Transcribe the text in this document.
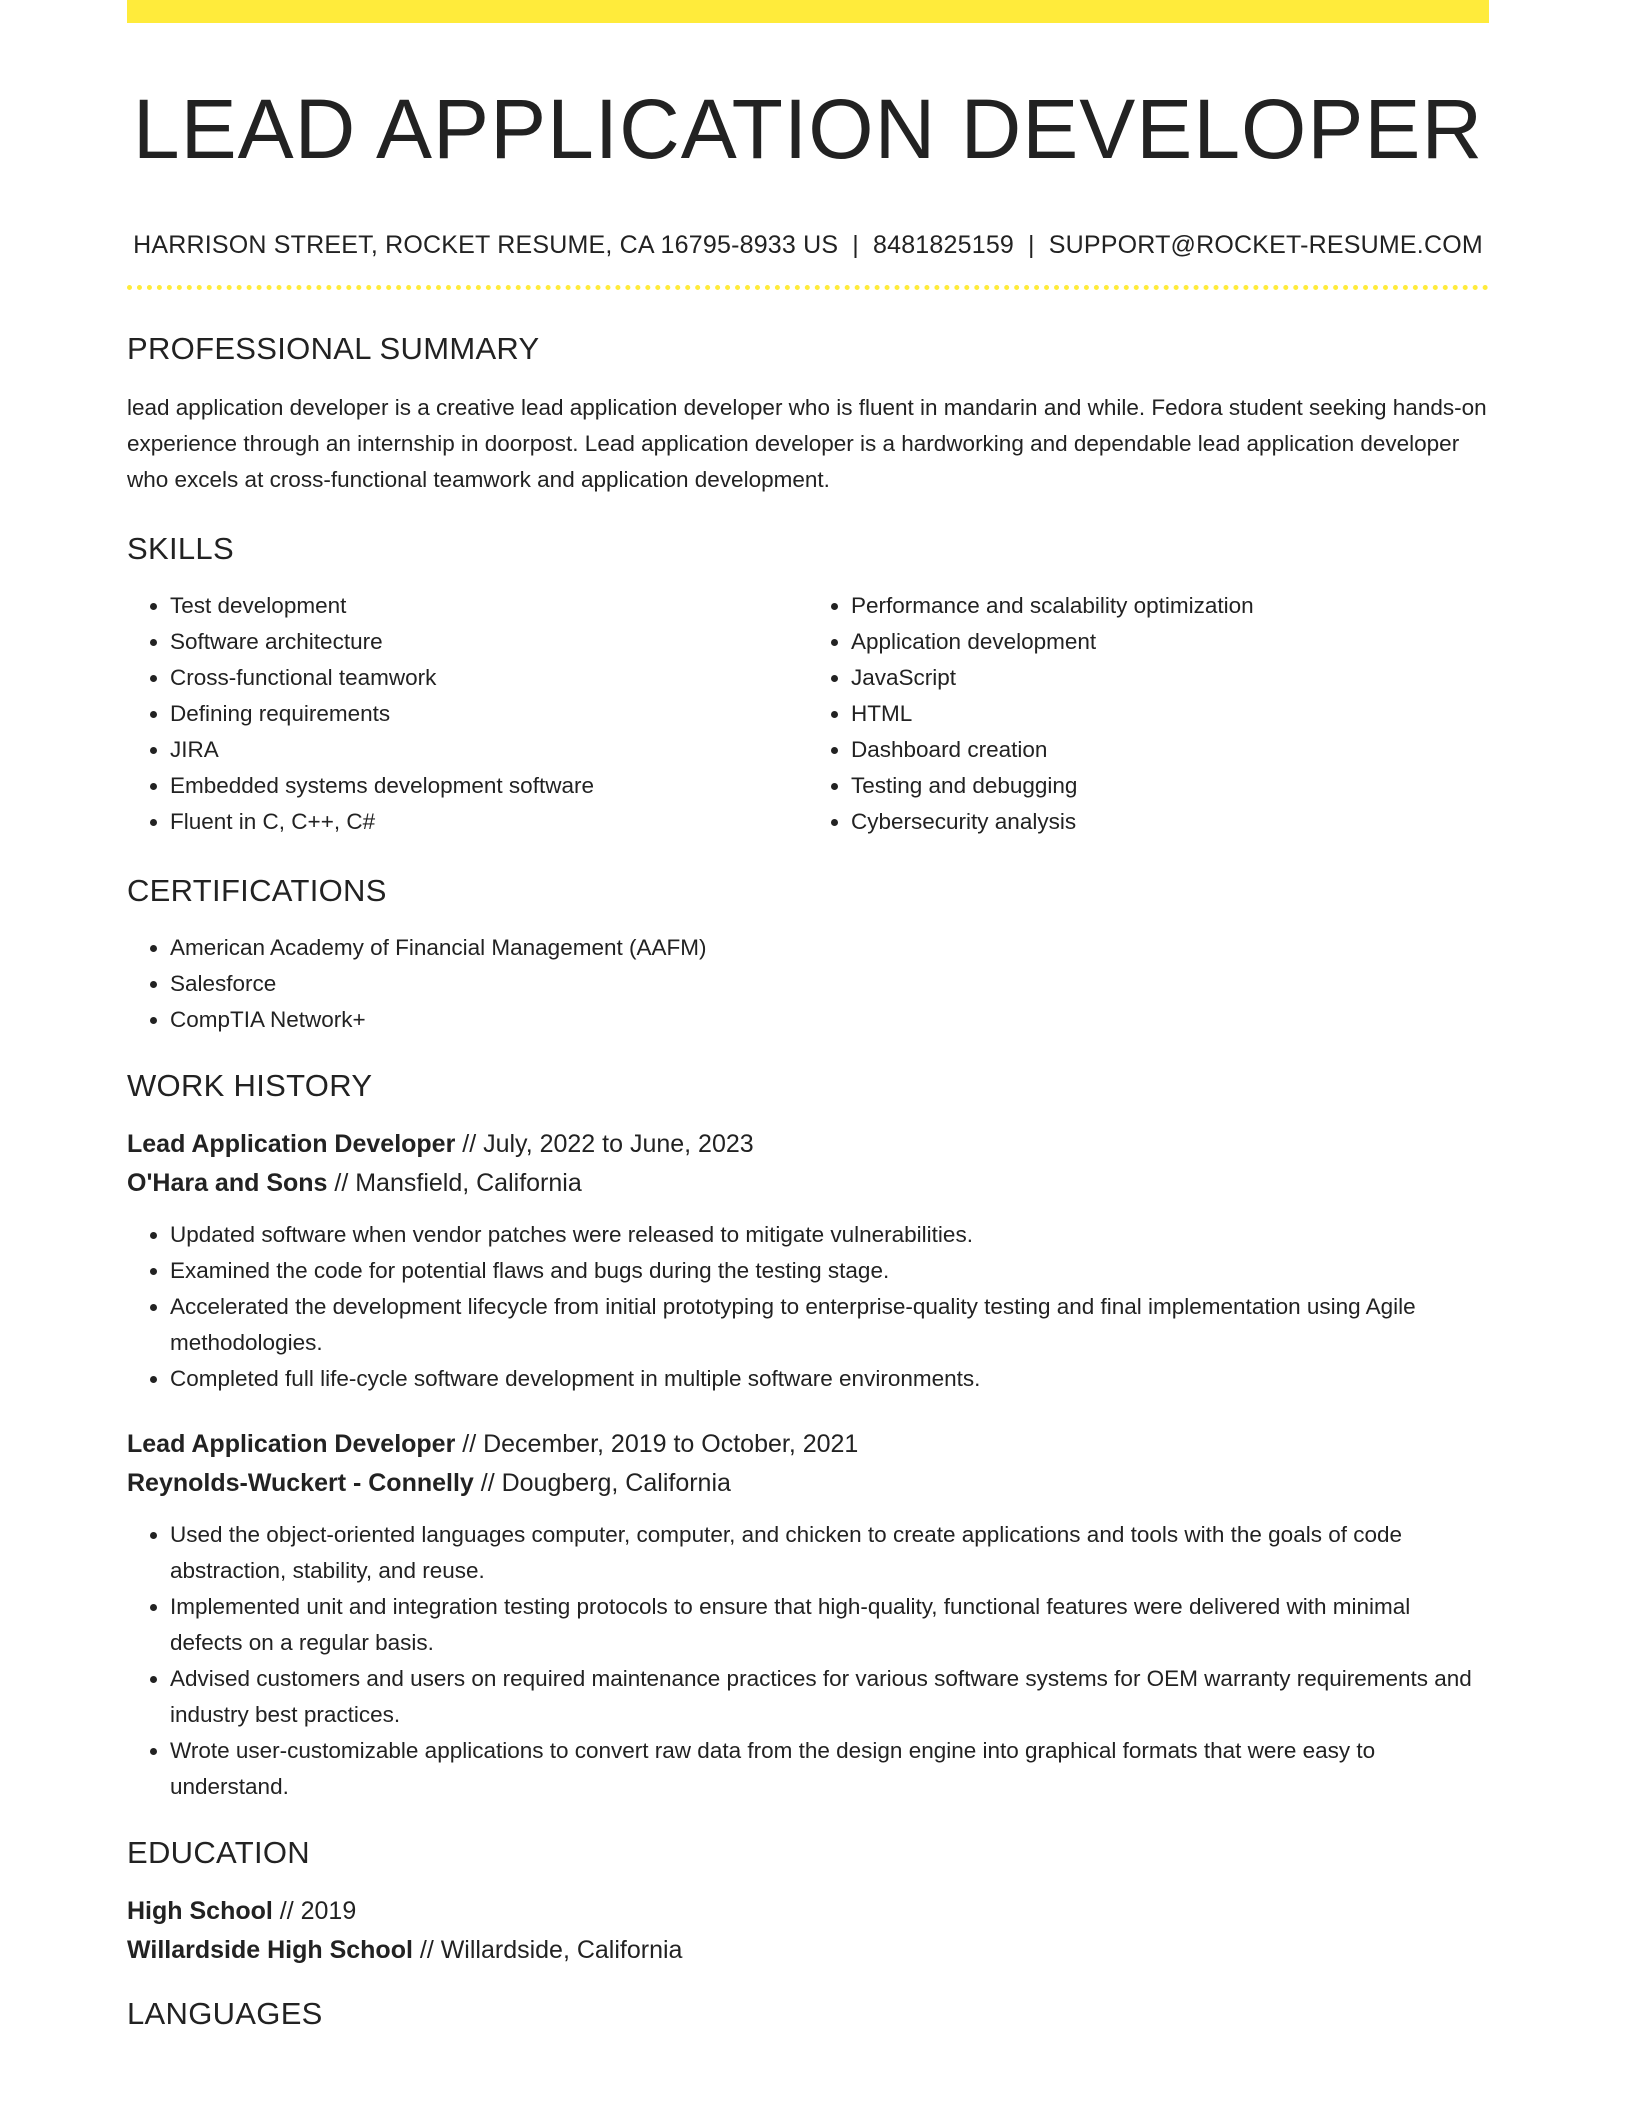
LEAD APPLICATION DEVELOPER
HARRISON STREET, ROCKET RESUME, CA 16795-8933 US | 8481825159 | SUPPORT@ROCKET-RESUME.COM
PROFESSIONAL SUMMARY

lead application developer is a creative lead application developer who is fluent in mandarin and while. Fedora student seeking hands-on experience through an internship in doorpost. Lead application developer is a hardworking and dependable lead application developer who excels at cross-functional teamwork and application development.

SKILLS
• Test development
• Software architecture
• Cross-functional teamwork
• Defining requirements
• JIRA
• Embedded systems development software
• Fluent in C, C++, C#
• Performance and scalability optimization
• Application development
• JavaScript
• HTML
• Dashboard creation
• Testing and debugging
• Cybersecurity analysis
CERTIFICATIONS
• American Academy of Financial Management (AAFM)
• Salesforce
• CompTIA Network+
WORK HISTORY
Lead Application Developer // July, 2022 to June, 2023
O'Hara and Sons // Mansfield, California
• Updated software when vendor patches were released to mitigate vulnerabilities.
• Examined the code for potential flaws and bugs during the testing stage.
• Accelerated the development lifecycle from initial prototyping to enterprise-quality testing and final implementation using Agile methodologies.
• Completed full life-cycle software development in multiple software environments.
Lead Application Developer // December, 2019 to October, 2021
Reynolds-Wuckert - Connelly // Dougberg, California
• Used the object-oriented languages computer, computer, and chicken to create applications and tools with the goals of code abstraction, stability, and reuse.
• Implemented unit and integration testing protocols to ensure that high-quality, functional features were delivered with minimal defects on a regular basis.
• Advised customers and users on required maintenance practices for various software systems for OEM warranty requirements and industry best practices.
• Wrote user-customizable applications to convert raw data from the design engine into graphical formats that were easy to understand.
EDUCATION
High School // 2019
Willardside High School // Willardside, California
LANGUAGES
